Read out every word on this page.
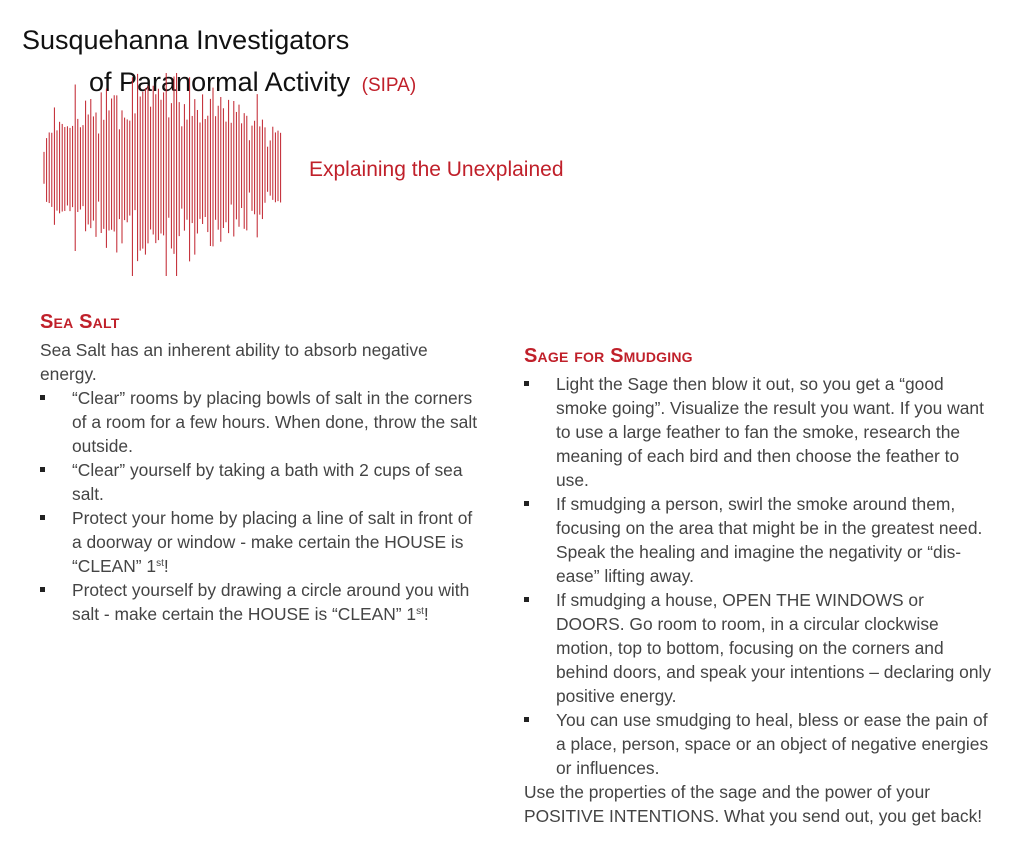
Susquehanna Investigators
of Paranormal Activity (SIPA)
Explaining the Unexplained
Sea Salt

Sea Salt has an inherent ability to absorb negative energy.

“Clear” rooms by placing bowls of salt in the corners of a room for a few hours. When done, throw the salt outside.
“Clear” yourself by taking a bath with 2 cups of sea salt.
Protect your home by placing a line of salt in front of a doorway or window - make certain the HOUSE is “CLEAN” 1st!
Protect yourself by drawing a circle around you with salt - make certain the HOUSE is “CLEAN” 1st!
Sage for Smudging
Light the Sage then blow it out, so you get a “good smoke going”. Visualize the result you want. If you want to use a large feather to fan the smoke, research the meaning of each bird and then choose the feather to use.
If smudging a person, swirl the smoke around them, focusing on the area that might be in the greatest need. Speak the healing and imagine the negativity or “dis-ease” lifting away.
If smudging a house, OPEN THE WINDOWS or DOORS. Go room to room, in a circular clockwise motion, top to bottom, focusing on the corners and behind doors, and speak your intentions – declaring only positive energy.
You can use smudging to heal, bless or ease the pain of a place, person, space or an object of negative energies or influences.

Use the properties of the sage and the power of your POSITIVE INTENTIONS. What you send out, you get back!
